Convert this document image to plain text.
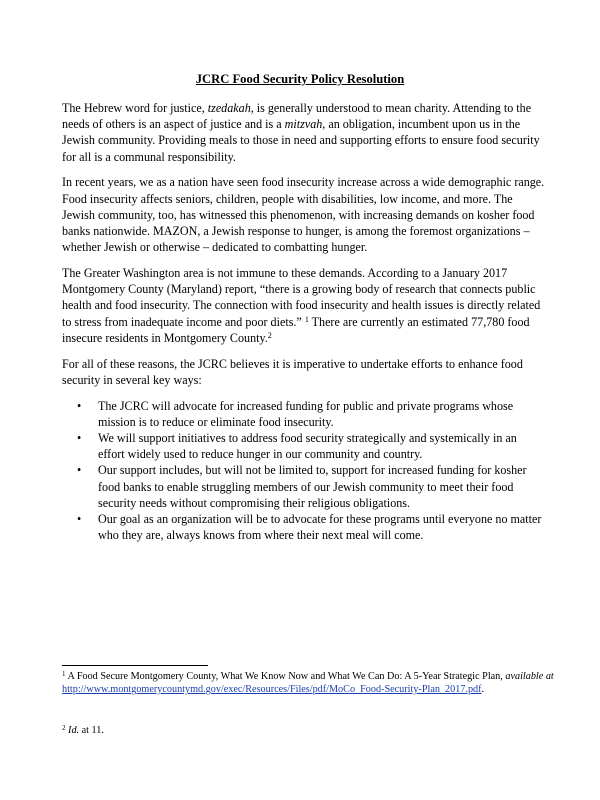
JCRC Food Security Policy Resolution

The Hebrew word for justice, tzedakah, is generally understood to mean charity. Attending to the needs of others is an aspect of justice and is a mitzvah, an obligation, incumbent upon us in the Jewish community. Providing meals to those in need and supporting efforts to ensure food security for all is a communal responsibility.

In recent years, we as a nation have seen food insecurity increase across a wide demographic range. Food insecurity affects seniors, children, people with disabilities, low income, and more. The Jewish community, too, has witnessed this phenomenon, with increasing demands on kosher food banks nationwide. MAZON, a Jewish response to hunger, is among the foremost organizations – whether Jewish or otherwise – dedicated to combatting hunger.

The Greater Washington area is not immune to these demands. According to a January 2017 Montgomery County (Maryland) report, “there is a growing body of research that connects public health and food insecurity. The connection with food insecurity and health issues is directly related to stress from inadequate income and poor diets.” $^1$ There are currently an estimated 77,780 food insecure residents in Montgomery County.$^2$

For all of these reasons, the JCRC believes it is imperative to undertake efforts to enhance food security in several key ways:

• The JCRC will advocate for increased funding for public and private programs whose mission is to reduce or eliminate food insecurity.
• We will support initiatives to address food security strategically and systemically in an effort widely used to reduce hunger in our community and country.
• Our support includes, but will not be limited to, support for increased funding for kosher food banks to enable struggling members of our Jewish community to meet their food security needs without compromising their religious obligations.
• Our goal as an organization will be to advocate for these programs until everyone no matter who they are, always knows from where their next meal will come.

$^1$ A Food Secure Montgomery County, What We Know Now and What We Can Do: A 5-Year Strategic Plan, available at http://www.montgomerycountymd.gov/exec/Resources/Files/pdf/MoCo_Food-Security-Plan_2017.pdf.

$^2$ Id. at 11.
